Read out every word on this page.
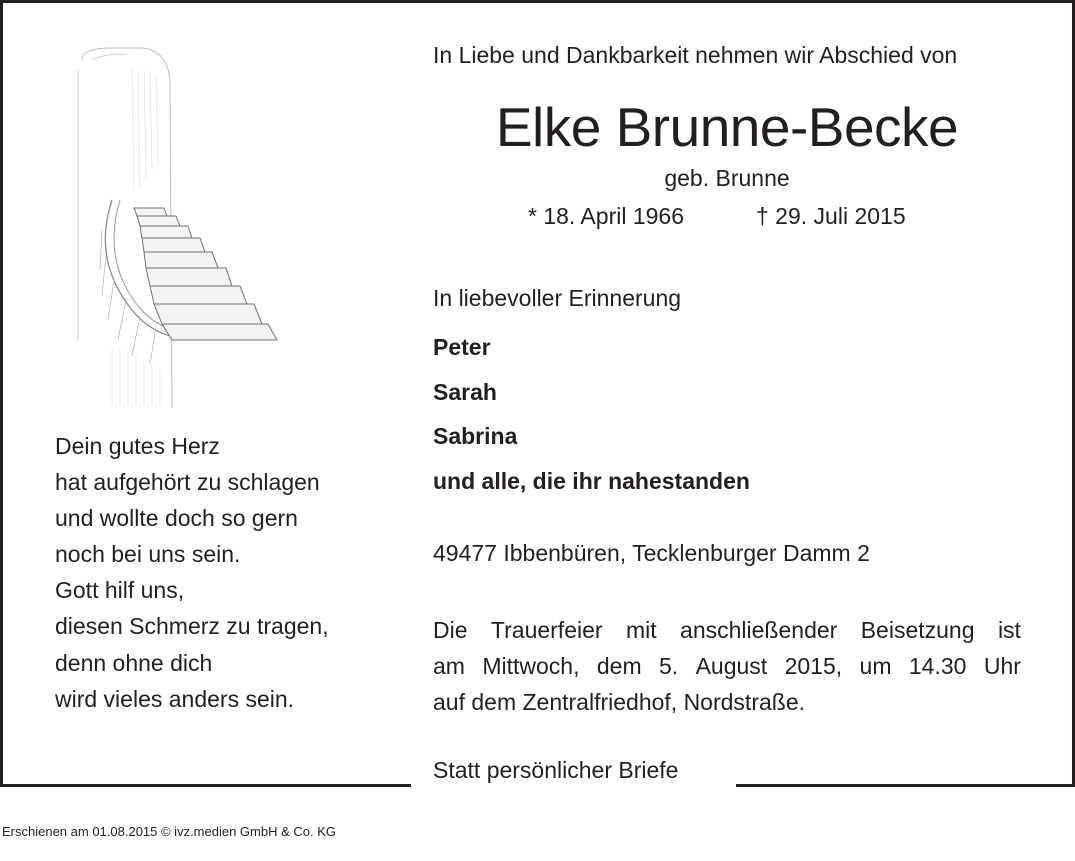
Dein gutes Herz
hat aufgehört zu schlagen
und wollte doch so gern
noch bei uns sein.
Gott hilf uns,
diesen Schmerz zu tragen,
denn ohne dich
wird vieles anders sein.
In Liebe und Dankbarkeit nehmen wir Abschied von
Elke Brunne-Becke
geb. Brunne
* 18. April 1966	† 29. Juli 2015
In liebevoller Erinnerung
Peter
Sarah
Sabrina
und alle, die ihr nahestanden
49477 Ibbenbüren, Tecklenburger Damm 2
Die Trauerfeier mit anschließender Beisetzung ist
am Mittwoch, dem 5. August 2015, um 14.30 Uhr
auf dem Zentralfriedhof, Nordstraße.
Statt persönlicher Briefe
Erschienen am 01.08.2015 © ivz.medien GmbH & Co. KG
